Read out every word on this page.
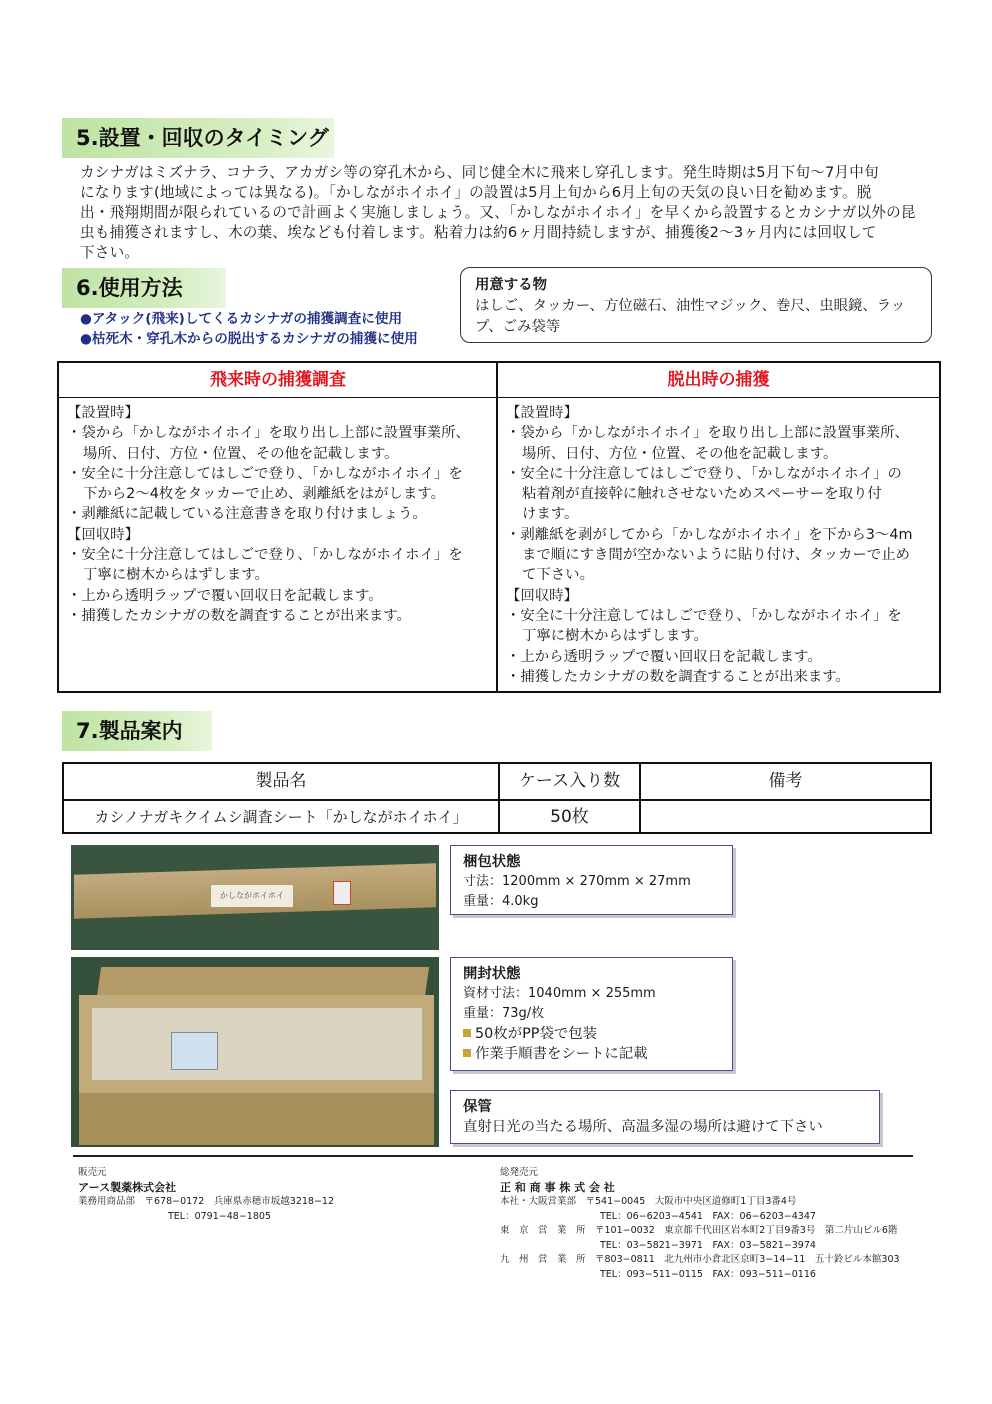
5.設置・回収のタイミング

カシナガはミズナラ、コナラ、アカガシ等の穿孔木から、同じ健全木に飛来し穿孔します。発生時期は5月下旬～7月中旬

になります(地域によっては異なる)。「かしながホイホイ」の設置は5月上旬から6月上旬の天気の良い日を勧めます。脱

出・飛翔期間が限られているので計画よく実施しましょう。又、「かしながホイホイ」を早くから設置するとカシナガ以外の昆

虫も捕獲されますし、木の葉、埃なども付着します。粘着力は約6ヶ月間持続しますが、捕獲後2～3ヶ月内には回収して

下さい。

6.使用方法
●アタック(飛来)してくるカシナガの捕獲調査に使用
●枯死木・穿孔木からの脱出するカシナガの捕獲に使用
用意する物
はしご、タッカー、方位磁石、油性マジック、巻尺、虫眼鏡、ラッ
プ、ごみ袋等
飛来時の捕獲調査
【設置時】
・袋から「かしながホイホイ」を取り出し上部に設置事業所、
場所、日付、方位・位置、その他を記載します。
・安全に十分注意してはしごで登り、「かしながホイホイ」を
下から2～4枚をタッカーで止め、剥離紙をはがします。
・剥離紙に記載している注意書きを取り付けましょう。
【回収時】
・安全に十分注意してはしごで登り、「かしながホイホイ」を
丁寧に樹木からはずします。
・上から透明ラップで覆い回収日を記載します。
・捕獲したカシナガの数を調査することが出来ます。
脱出時の捕獲
【設置時】
・袋から「かしながホイホイ」を取り出し上部に設置事業所、
場所、日付、方位・位置、その他を記載します。
・安全に十分注意してはしごで登り、「かしながホイホイ」の
粘着剤が直接幹に触れさせないためスペーサーを取り付
けます。
・剥離紙を剥がしてから「かしながホイホイ」を下から3～4m
まで順にすき間が空かないように貼り付け、タッカーで止め
て下さい。
【回収時】
・安全に十分注意してはしごで登り、「かしながホイホイ」を
丁寧に樹木からはずします。
・上から透明ラップで覆い回収日を記載します。
・捕獲したカシナガの数を調査することが出来ます。
7.製品案内
製品名	ケース入り数	備考
カシノナガキクイムシ調査シート「かしながホイホイ」	50枚
かしながホイホイ
梱包状態
寸法：1200mm × 270mm × 27mm
重量：4.0kg
開封状態
資材寸法：1040mm × 255mm
重量：73g/枚
50枚がPP袋で包装
作業手順書をシートに記載
保管
直射日光の当たる場所、高温多湿の場所は避けて下さい
販売元
アース製薬株式会社
業務用商品部　〒678−0172　兵庫県赤穂市坂越3218−12
TEL：0791−48−1805
総発売元
正 和 商 事 株 式 会 社
本社・大阪営業部　〒541−0045　大阪市中央区道修町1丁目3番4号
TEL：06−6203−4541　FAX：06−6203−4347
東　京　営　業　所　〒101−0032　東京都千代田区岩本町2丁目9番3号　第二片山ビル6階
TEL：03−5821−3971　FAX：03−5821−3974
九　州　営　業　所　〒803−0811　北九州市小倉北区京町3−14−11　五十鈴ビル本館303
TEL：093−511−0115　FAX：093−511−0116
